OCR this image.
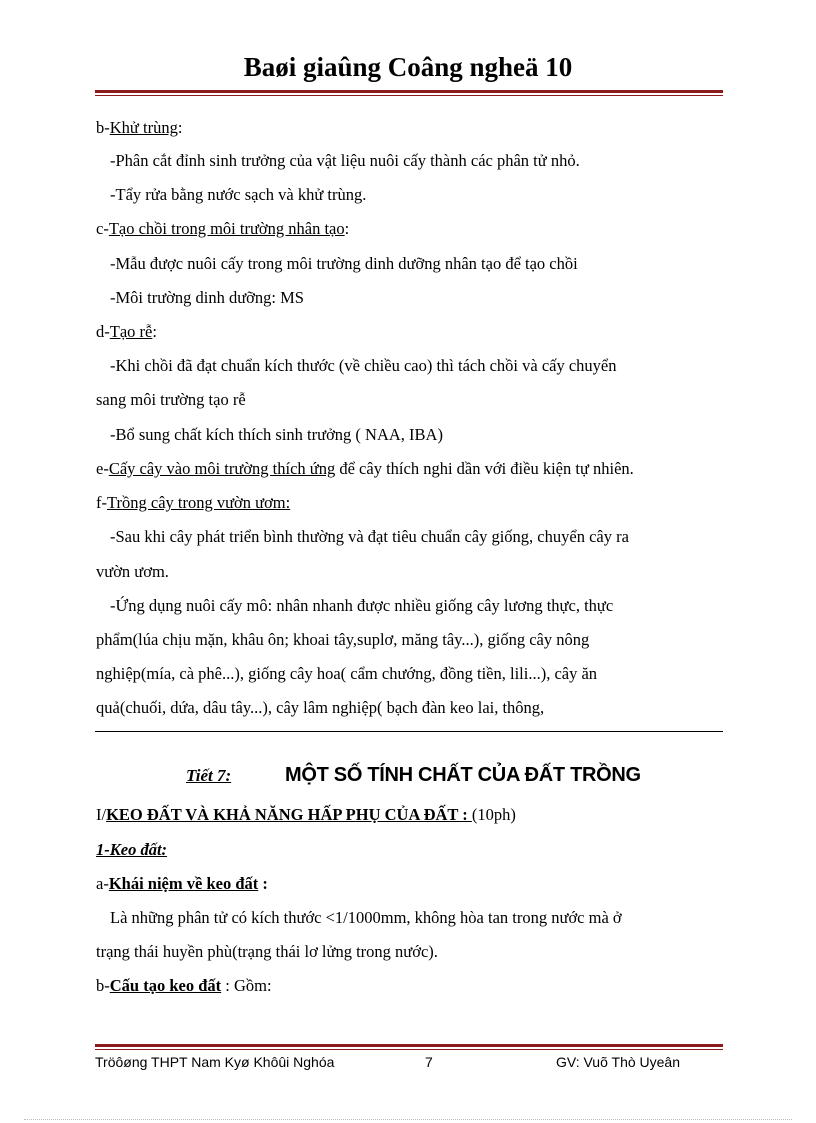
Baøi giaûng Coâng ngheä 10
b-Khử trùng:
-Phân cắt đỉnh sinh trưởng của vật liệu nuôi cấy thành các phân tử nhỏ.
-Tẩy rửa bằng nước sạch và khử trùng.
c-Tạo chồi trong môi trường nhân tạo:
-Mẫu được nuôi cấy trong môi trường dinh dưỡng nhân tạo để tạo chồi
-Môi trường dinh dưỡng: MS
d-Tạo rễ:
-Khi chồi đã đạt chuẩn kích thước (về chiều cao) thì tách chồi và cấy chuyển
sang môi trường tạo rễ
-Bổ sung chất kích thích sinh trưởng ( NAA, IBA)
e-Cấy cây vào môi trường thích ứng để cây thích nghi dần với điều kiện tự nhiên.
f-Trồng cây trong vườn ươm:
-Sau khi cây phát triển bình thường và đạt tiêu chuẩn cây giống, chuyển cây ra
vườn ươm.
-Ứng dụng nuôi cấy mô: nhân nhanh được nhiều giống cây lương thực, thực
phẩm(lúa chịu mặn, khâu ôn; khoai tây,suplơ, măng tây...), giống cây nông
nghiệp(mía, cà phê...), giống cây hoa( cẩm chướng, đồng tiền, lili...), cây ăn
quả(chuối, dứa, dâu tây...), cây lâm nghiệp( bạch đàn keo lai, thông,
Tiết 7:	MỘT SỐ TÍNH CHẤT CỦA ĐẤT TRỒNG
I/KEO ĐẤT VÀ KHẢ NĂNG HẤP PHỤ CỦA ĐẤT : (10ph)
1-Keo đất:
a-Khái niệm về keo đất :
Là những phân tử có kích thước <1/1000mm, không hòa tan trong nước mà ở
trạng thái huyền phù(trạng thái lơ lửng trong nước).
b-Cấu tạo keo đất : Gồm:
Tröôøng THPT Nam Kyø Khôûi Nghóa	7	GV: Vuõ Thò Uyeân
